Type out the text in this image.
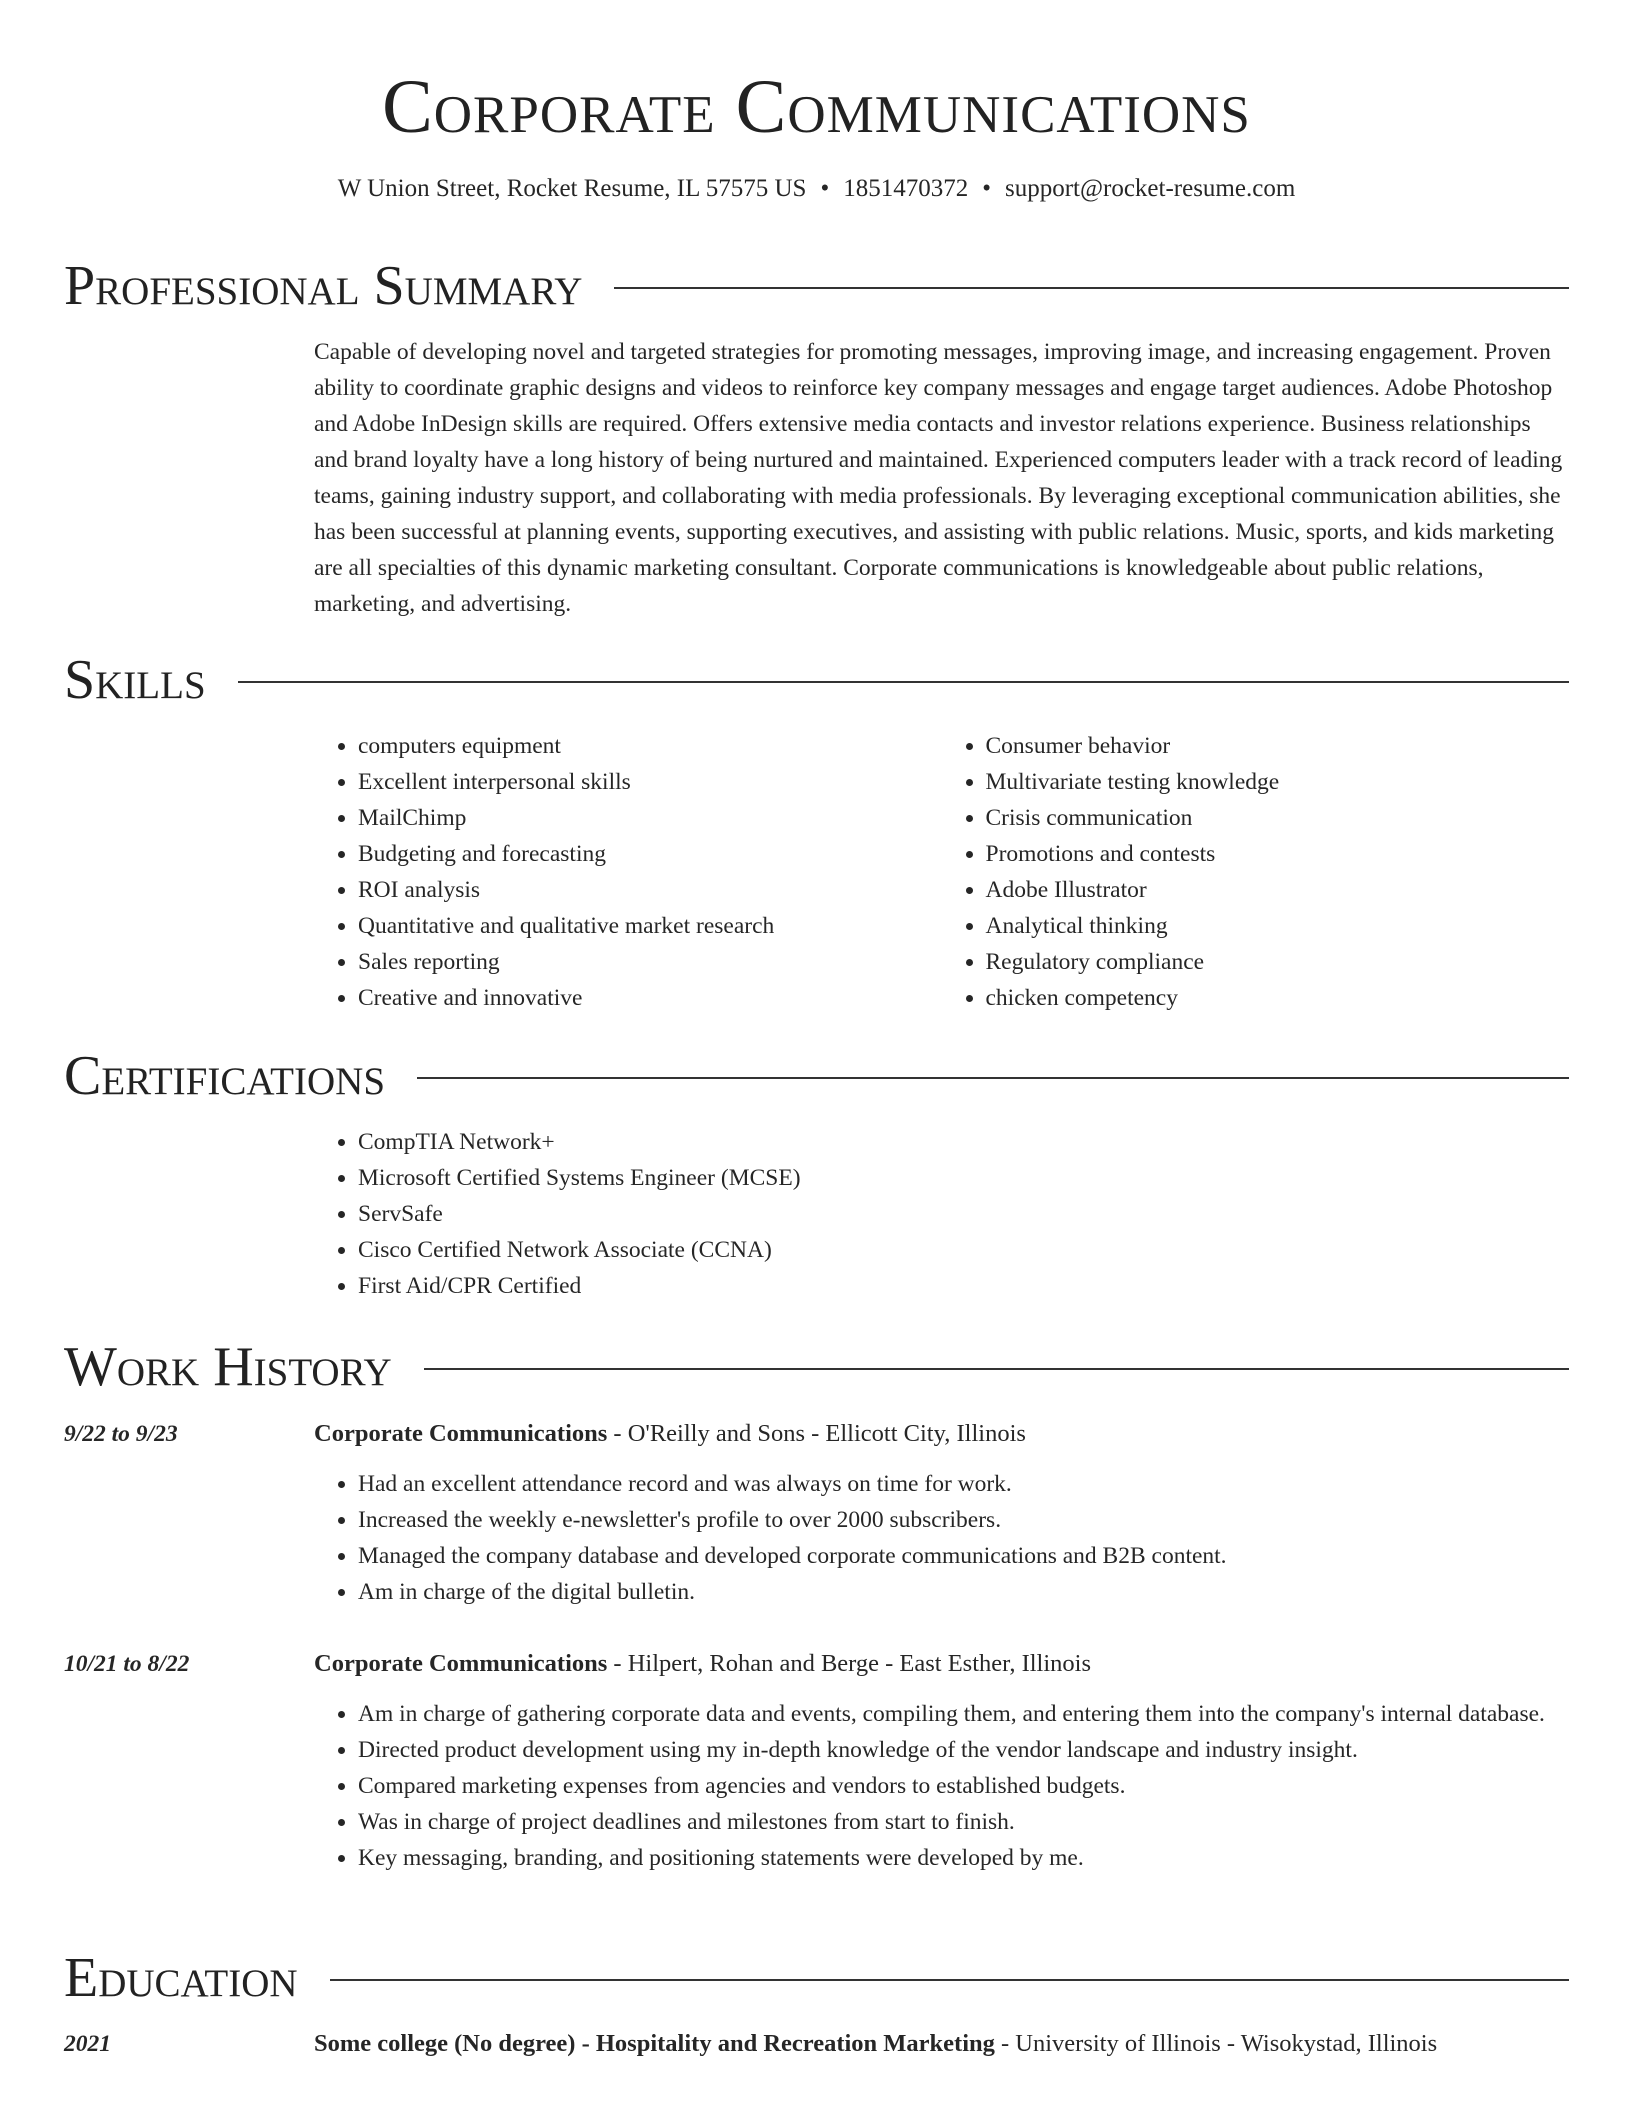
Corporate Communications
W Union Street, Rocket Resume, IL 57575 US • 1851470372 • support@rocket-resume.com
Professional Summary

Capable of developing novel and targeted strategies for promoting messages, improving image, and increasing engagement. Proven ability to coordinate graphic designs and videos to reinforce key company messages and engage target audiences. Adobe Photoshop and Adobe InDesign skills are required. Offers extensive media contacts and investor relations experience. Business relationships and brand loyalty have a long history of being nurtured and maintained. Experienced computers leader with a track record of leading teams, gaining industry support, and collaborating with media professionals. By leveraging exceptional communication abilities, she has been successful at planning events, supporting executives, and assisting with public relations. Music, sports, and kids marketing are all specialties of this dynamic marketing consultant. Corporate communications is knowledgeable about public relations, marketing, and advertising.

Skills
• computers equipment
• Excellent interpersonal skills
• MailChimp
• Budgeting and forecasting
• ROI analysis
• Quantitative and qualitative market research
• Sales reporting
• Creative and innovative
• Consumer behavior
• Multivariate testing knowledge
• Crisis communication
• Promotions and contests
• Adobe Illustrator
• Analytical thinking
• Regulatory compliance
• chicken competency
Certifications
• CompTIA Network+
• Microsoft Certified Systems Engineer (MCSE)
• ServSafe
• Cisco Certified Network Associate (CCNA)
• First Aid/CPR Certified
Work History
9/22 to 9/23	Corporate Communications - O'Reilly and Sons - Ellicott City, Illinois
• Had an excellent attendance record and was always on time for work.
• Increased the weekly e-newsletter's profile to over 2000 subscribers.
• Managed the company database and developed corporate communications and B2B content.
• Am in charge of the digital bulletin.
10/21 to 8/22	Corporate Communications - Hilpert, Rohan and Berge - East Esther, Illinois
• Am in charge of gathering corporate data and events, compiling them, and entering them into the company's internal database.
• Directed product development using my in-depth knowledge of the vendor landscape and industry insight.
• Compared marketing expenses from agencies and vendors to established budgets.
• Was in charge of project deadlines and milestones from start to finish.
• Key messaging, branding, and positioning statements were developed by me.
Education
2021	Some college (No degree) - Hospitality and Recreation Marketing - University of Illinois - Wisokystad, Illinois
